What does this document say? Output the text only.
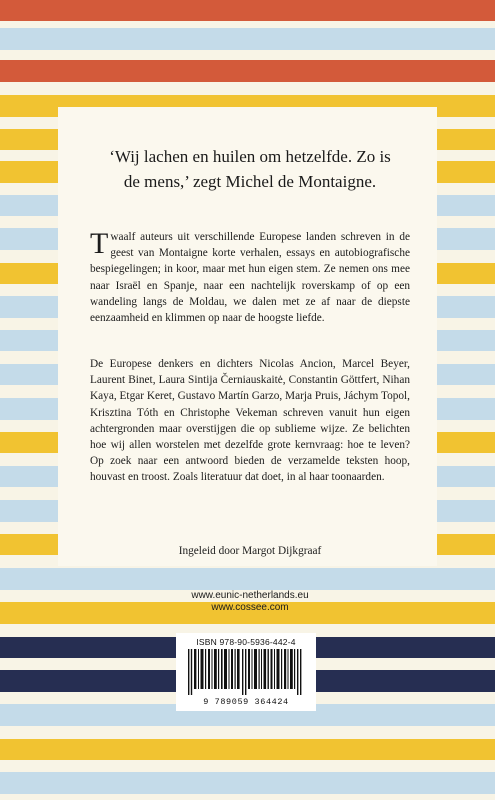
‘Wij lachen en huilen om hetzelfde. Zo is
de mens,’ zegt Michel de Montaigne.

Twaalf auteurs uit verschillende Europese landen schreven in de geest van Montaigne korte verhalen, essays en autobiografische bespiegelingen; in koor, maar met hun eigen stem. Ze nemen ons mee naar Israël en Spanje, naar een nachtelijk roverskamp of op een wandeling langs de Moldau, we dalen met ze af naar de diepste eenzaamheid en klimmen op naar de hoogste liefde.

De Europese denkers en dichters Nicolas Ancion, Marcel Beyer, Laurent Binet, Laura Sintija Černiauskaitė, Constantin Göttfert, Nihan Kaya, Etgar Keret, Gustavo Martín Garzo, Marja Pruis, Jáchym Topol, Krisztina Tóth en Christophe Vekeman schreven vanuit hun eigen achtergronden maar overstijgen die op sublieme wijze. Ze belichten hoe wij allen worstelen met dezelfde grote kernvraag: hoe te leven? Op zoek naar een antwoord bieden de verzamelde teksten hoop, houvast en troost. Zoals literatuur dat doet, in al haar toonaarden.

Ingeleid door Margot Dijkgraaf
www.eunic-netherlands.eu
www.cossee.com
ISBN 978-90-5936-442-4
9 789059 364424
